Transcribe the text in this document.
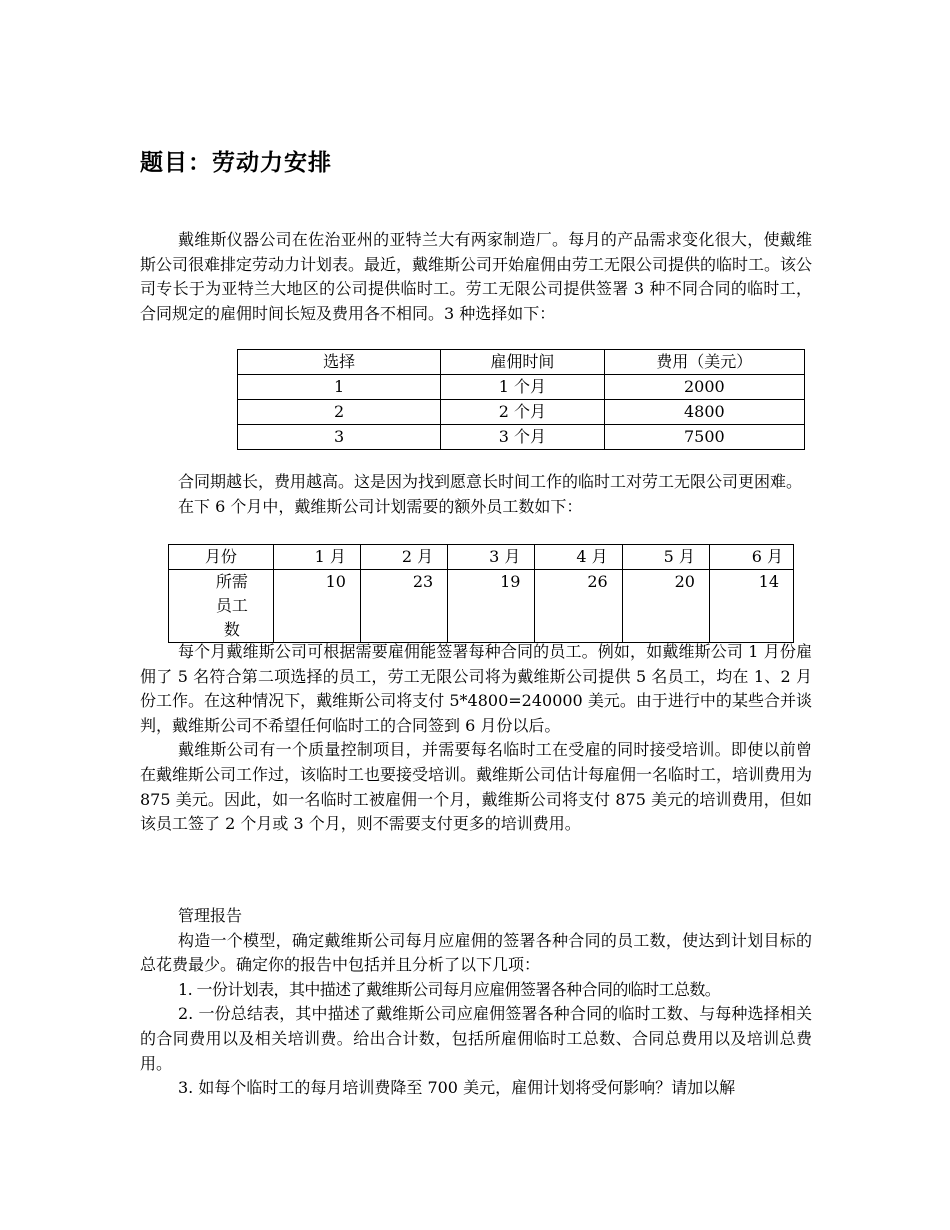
题目：劳动力安排

戴维斯仪器公司在佐治亚州的亚特兰大有两家制造厂。每月的产品需求变化很大，使戴维斯公司很难排定劳动力计划表。最近，戴维斯公司开始雇佣由劳工无限公司提供的临时工。该公司专长于为亚特兰大地区的公司提供临时工。劳工无限公司提供签署 3 种不同合同的临时工，合同规定的雇佣时间长短及费用各不相同。3 种选择如下：

选择	雇佣时间	费用（美元）
1	1 个月	2000
2	2 个月	4800
3	3 个月	7500

合同期越长，费用越高。这是因为找到愿意长时间工作的临时工对劳工无限公司更困难。

在下 6 个月中，戴维斯公司计划需要的额外员工数如下：

月份	1 月	2 月	3 月	4 月	5 月	6 月
所需员工数	10	23	19	26	20	14

每个月戴维斯公司可根据需要雇佣能签署每种合同的员工。例如，如戴维斯公司 1 月份雇佣了 5 名符合第二项选择的员工，劳工无限公司将为戴维斯公司提供 5 名员工，均在 1、2 月份工作。在这种情况下，戴维斯公司将支付 5*4800=240000 美元。由于进行中的某些合并谈判，戴维斯公司不希望任何临时工的合同签到 6 月份以后。

戴维斯公司有一个质量控制项目，并需要每名临时工在受雇的同时接受培训。即使以前曾在戴维斯公司工作过，该临时工也要接受培训。戴维斯公司估计每雇佣一名临时工，培训费用为 875 美元。因此，如一名临时工被雇佣一个月，戴维斯公司将支付 875 美元的培训费用，但如该员工签了 2 个月或 3 个月，则不需要支付更多的培训费用。

管理报告

构造一个模型，确定戴维斯公司每月应雇佣的签署各种合同的员工数，使达到计划目标的总花费最少。确定你的报告中包括并且分析了以下几项：

1. 一份计划表，其中描述了戴维斯公司每月应雇佣签署各种合同的临时工总数。

2. 一份总结表，其中描述了戴维斯公司应雇佣签署各种合同的临时工数、与每种选择相关的合同费用以及相关培训费。给出合计数，包括所雇佣临时工总数、合同总费用以及培训总费用。

3. 如每个临时工的每月培训费降至 700 美元，雇佣计划将受何影响？请加以解
